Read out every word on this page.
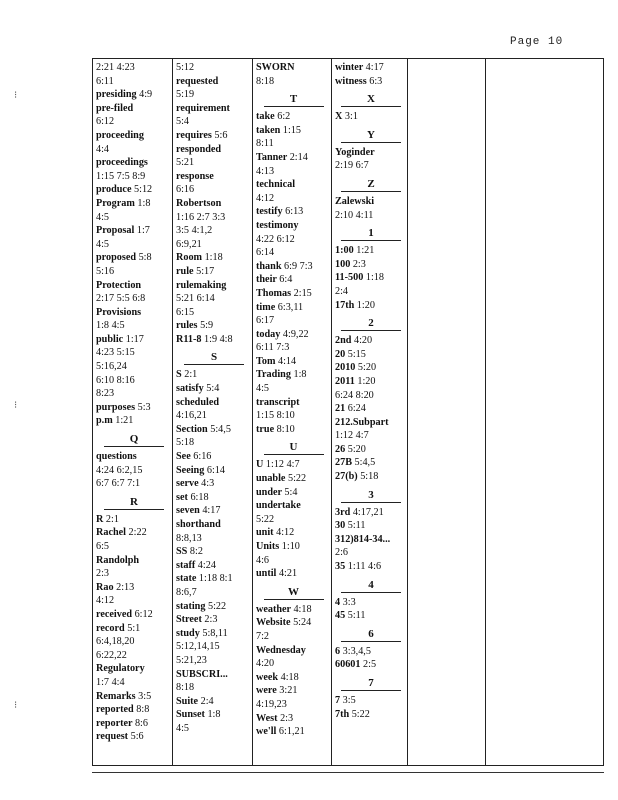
Page 10
2:21 4:23
6:11
presiding 4:9
pre-filed
6:12
proceeding
4:4
proceedings
1:15 7:5 8:9
produce 5:12
Program 1:8
4:5
Proposal 1:7
4:5
proposed 5:8
5:16
Protection
2:17 5:5 6:8
Provisions
1:8 4:5
public 1:17
4:23 5:15
5:16,24
6:10 8:16
8:23
purposes 5:3
p.m 1:21
Q
questions
4:24 6:2,15
6:7 6:7 7:1
R
R 2:1
Rachel 2:22
6:5
Randolph
2:3
Rao 2:13
4:12
received 6:12
record 5:1
6:4,18,20
6:22,22
Regulatory
1:7 4:4
Remarks 3:5
reported 8:8
reporter 8:6
request 5:6
5:12
requested
5:19
requirement
5:4
requires 5:6
responded
5:21
response
6:16
Robertson
1:16 2:7 3:3
3:5 4:1,2
6:9,21
Room 1:18
rule 5:17
rulemaking
5:21 6:14
6:15
rules 5:9
R11-8 1:9 4:8
S
S 2:1
satisfy 5:4
scheduled
4:16,21
Section 5:4,5
5:18
See 6:16
Seeing 6:14
serve 4:3
set 6:18
seven 4:17
shorthand
8:8,13
SS 8:2
staff 4:24
state 1:18 8:1
8:6,7
stating 5:22
Street 2:3
study 5:8,11
5:12,14,15
5:21,23
SUBSCRI...
8:18
Suite 2:4
Sunset 1:8
4:5
SWORN
8:18
T
take 6:2
taken 1:15
8:11
Tanner 2:14
4:13
technical
4:12
testify 6:13
testimony
4:22 6:12
6:14
thank 6:9 7:3
their 6:4
Thomas 2:15
time 6:3,11
6:17
today 4:9,22
6:11 7:3
Tom 4:14
Trading 1:8
4:5
transcript
1:15 8:10
true 8:10
U
U 1:12 4:7
unable 5:22
under 5:4
undertake
5:22
unit 4:12
Units 1:10
4:6
until 4:21
W
weather 4:18
Website 5:24
7:2
Wednesday
4:20
week 4:18
were 3:21
4:19,23
West 2:3
we'll 6:1,21
winter 4:17
witness 6:3
X
X 3:1
Y
Yoginder
2:19 6:7
Z
Zalewski
2:10 4:11
1
1:00 1:21
100 2:3
11-500 1:18
2:4
17th 1:20
2
2nd 4:20
20 5:15
2010 5:20
2011 1:20
6:24 8:20
21 6:24
212.Subpart
1:12 4:7
26 5:20
27B 5:4,5
27(b) 5:18
3
3rd 4:17,21
30 5:11
312)814-34...
2:6
35 1:11 4:6
4
4 3:3
45 5:11
6
6 3:3,4,5
60601 2:5
7
7 3:5
7th 5:22
⁝
⁝
⁝
